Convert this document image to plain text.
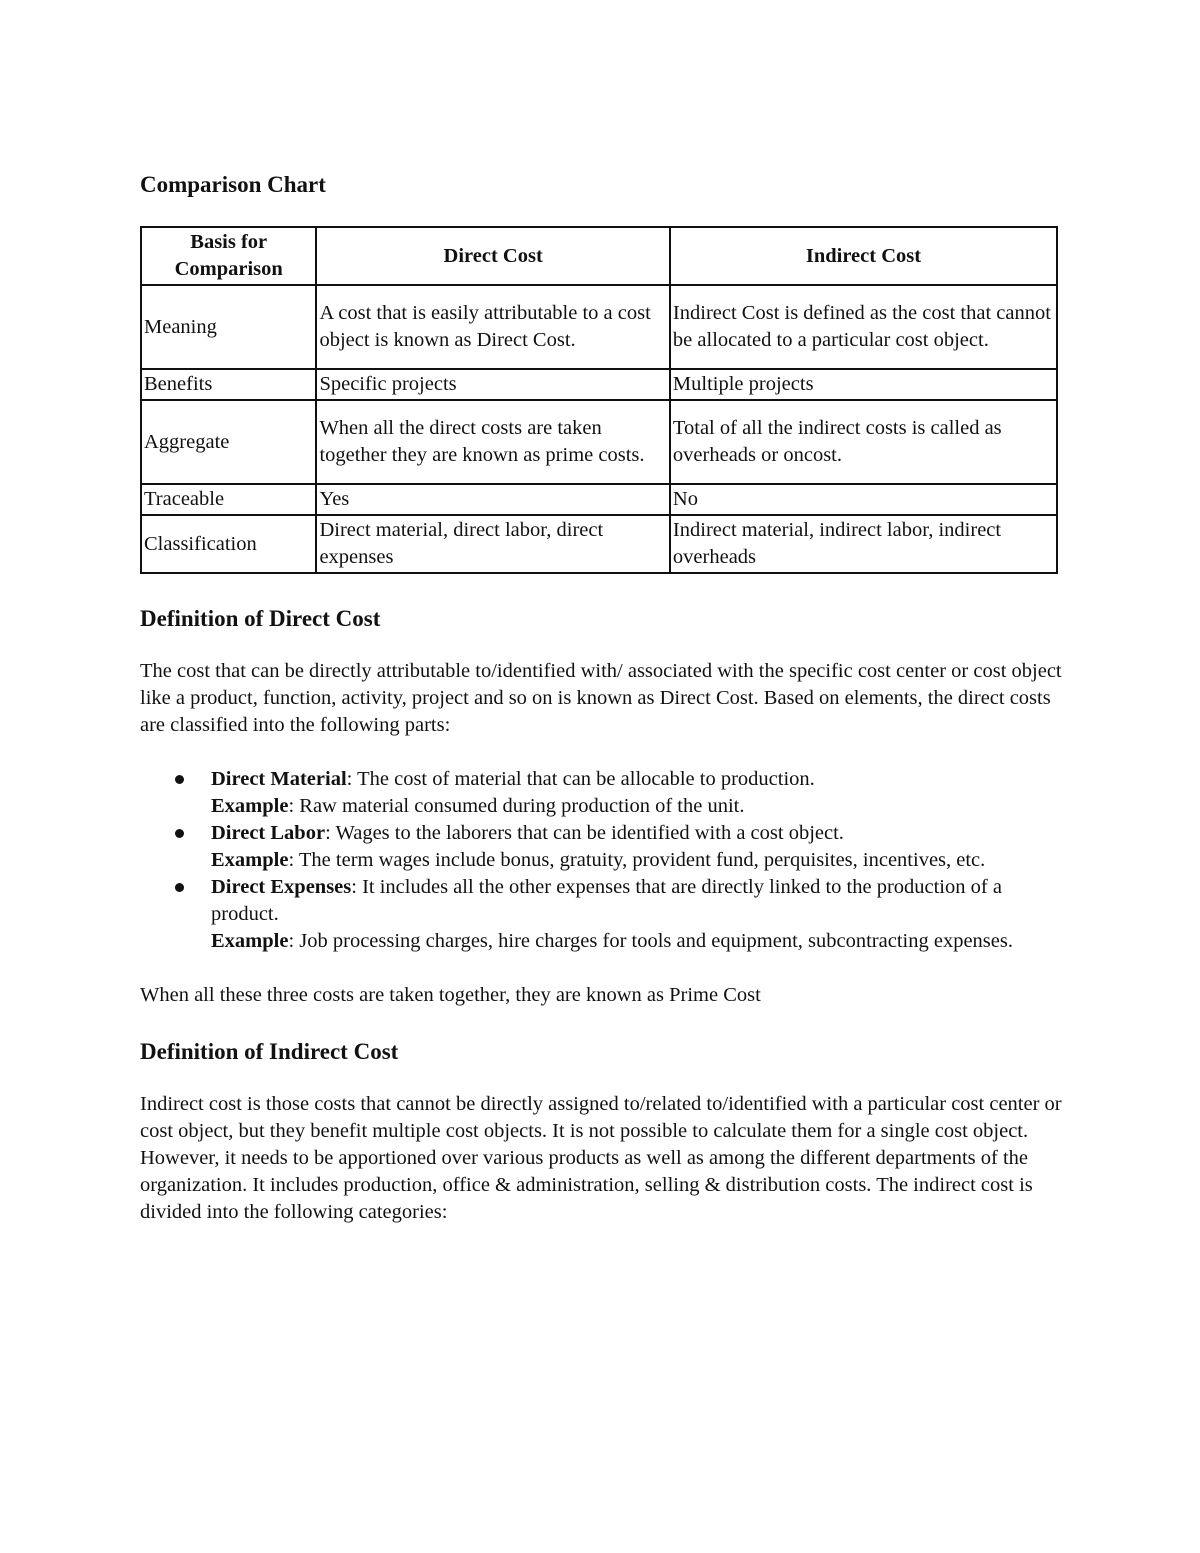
Comparison Chart
Basis for Comparison	Direct Cost	Indirect Cost
Meaning	A cost that is easily attributable to a cost object is known as Direct Cost.	Indirect Cost is defined as the cost that cannot be allocated to a particular cost object.
Benefits	Specific projects	Multiple projects
Aggregate	When all the direct costs are taken together they are known as prime costs.	Total of all the indirect costs is called as overheads or oncost.
Traceable	Yes	No
Classification	Direct material, direct labor, direct expenses	Indirect material, indirect labor, indirect overheads
Definition of Direct Cost

The cost that can be directly attributable to/identified with/ associated with the specific cost center or cost object like a product, function, activity, project and so on is known as Direct Cost. Based on elements, the direct costs are classified into the following parts:

Direct Material: The cost of material that can be allocable to production.
Example: Raw material consumed during production of the unit.
Direct Labor: Wages to the laborers that can be identified with a cost object.
Example: The term wages include bonus, gratuity, provident fund, perquisites, incentives, etc.
Direct Expenses: It includes all the other expenses that are directly linked to the production of a product.
Example: Job processing charges, hire charges for tools and equipment, subcontracting expenses.

When all these three costs are taken together, they are known as Prime Cost

Definition of Indirect Cost

Indirect cost is those costs that cannot be directly assigned to/related to/identified with a particular cost center or cost object, but they benefit multiple cost objects. It is not possible to calculate them for a single cost object. However, it needs to be apportioned over various products as well as among the different departments of the organization. It includes production, office & administration, selling & distribution costs. The indirect cost is divided into the following categories:
